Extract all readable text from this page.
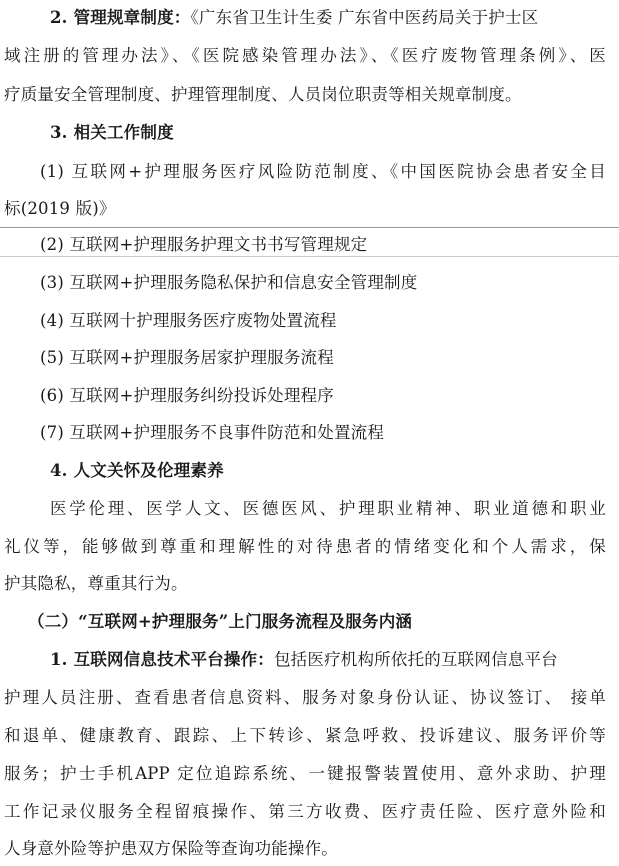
2. 管理规章制度：《广东省卫生计生委 广东省中医药局关于护士区
域注册的管理办法》、《医院感染管理办法》、《医疗废物管理条例》、医
疗质量安全管理制度、护理管理制度、人员岗位职责等相关规章制度。
3. 相关工作制度
(1) 互联网+护理服务医疗风险防范制度、《中国医院协会患者安全目
标(2019 版)》
(2) 互联网+护理服务护理文书书写管理规定
(3) 互联网+护理服务隐私保护和信息安全管理制度
(4) 互联网十护理服务医疗废物处置流程
(5) 互联网+护理服务居家护理服务流程
(6) 互联网+护理服务纠纷投诉处理程序
(7) 互联网+护理服务不良事件防范和处置流程
4. 人文关怀及伦理素养
医学伦理、医学人文、医德医风、护理职业精神、职业道德和职业
礼仪等，能够做到尊重和理解性的对待患者的情绪变化和个人需求，保
护其隐私，尊重其行为。
（二）“互联网+护理服务”上门服务流程及服务内涵
1. 互联网信息技术平台操作：包括医疗机构所依托的互联网信息平台
护理人员注册、查看患者信息资料、服务对象身份认证、协议签订、 接单
和退单、健康教育、跟踪、上下转诊、紧急呼救、投诉建议、服务评价等
服务；护士手机APP 定位追踪系统、一键报警装置使用、意外求助、护理
工作记录仪服务全程留痕操作、第三方收费、医疗责任险、医疗意外险和
人身意外险等护患双方保险等查询功能操作。
